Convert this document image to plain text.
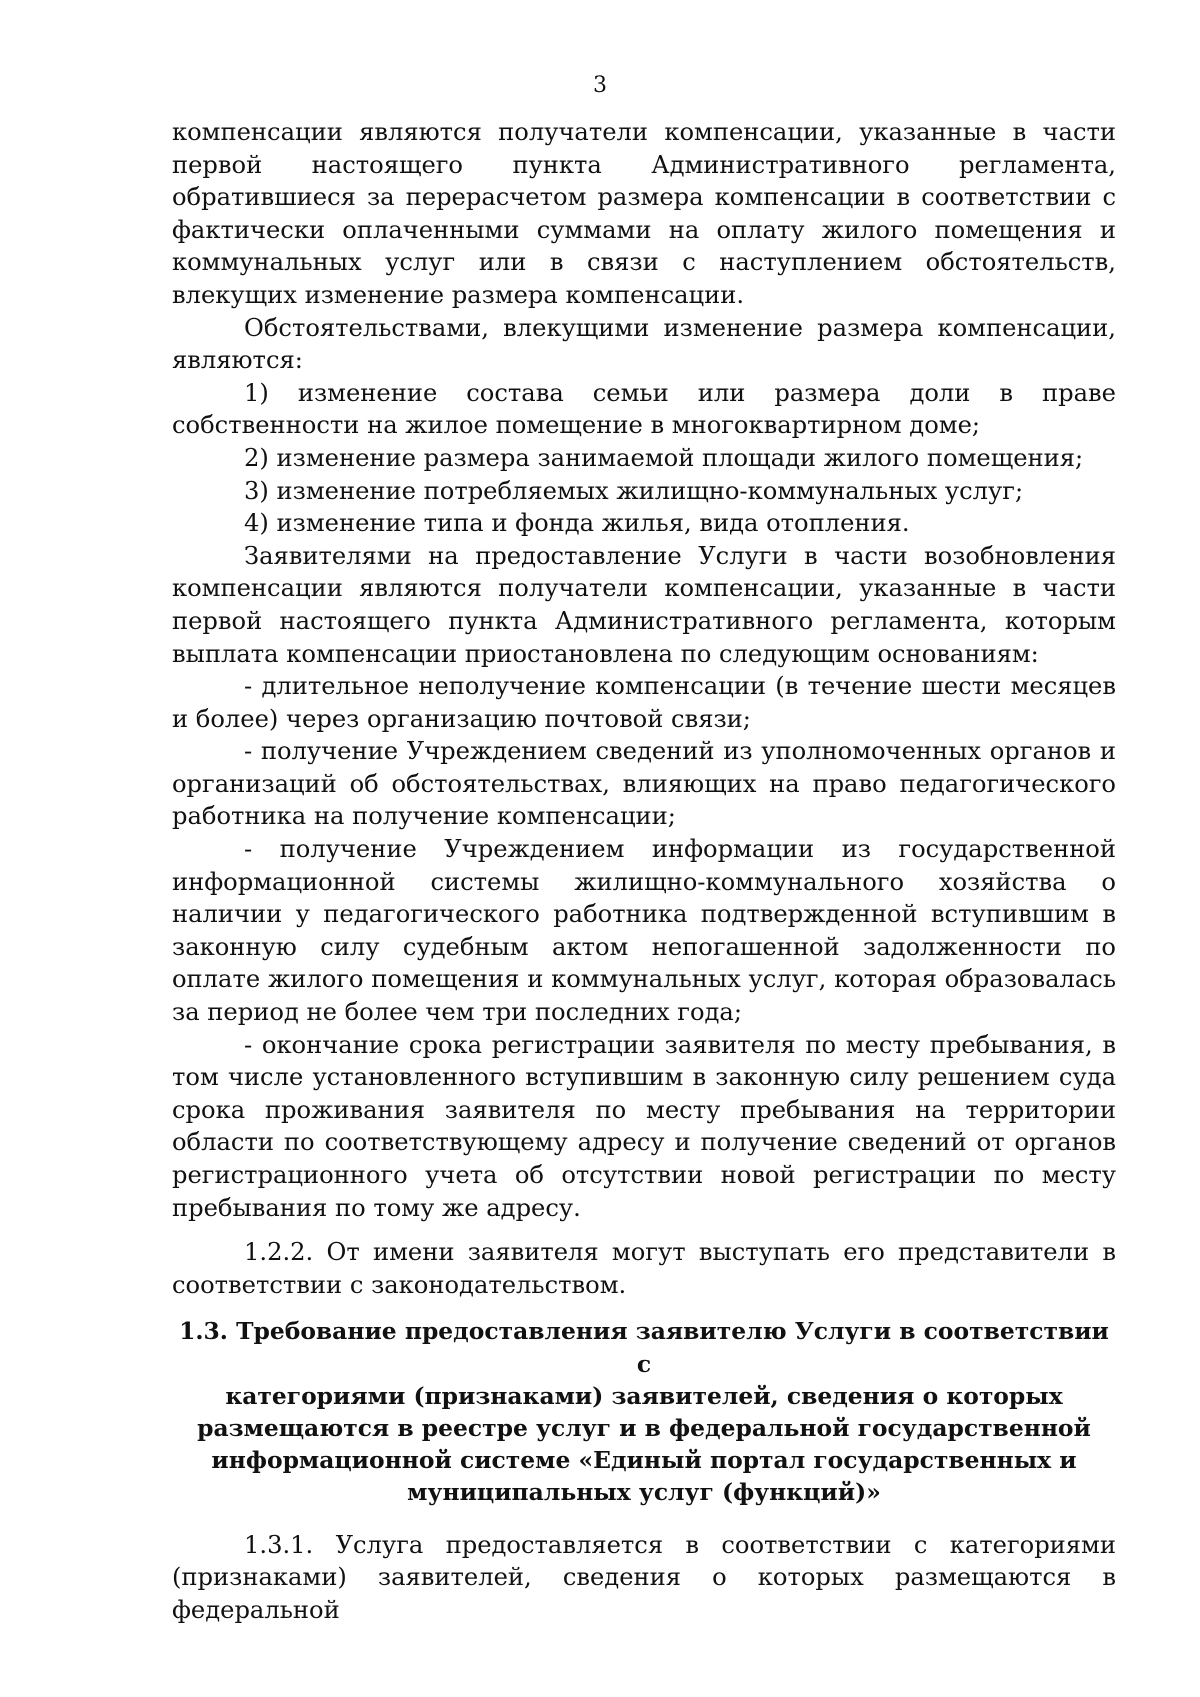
3

компенсации являются получатели компенсации, указанные в части первой настоящего пункта Административного регламента, обратившиеся за перерасчетом размера компенсации в соответствии с фактически оплаченными суммами на оплату жилого помещения и коммунальных услуг или в связи с наступлением обстоятельств, влекущих изменение размера компенсации.

Обстоятельствами, влекущими изменение размера компенсации, являются:

1) изменение состава семьи или размера доли в праве собственности на жилое помещение в многоквартирном доме;

2) изменение размера занимаемой площади жилого помещения;

3) изменение потребляемых жилищно-коммунальных услуг;

4) изменение типа и фонда жилья, вида отопления.

Заявителями на предоставление Услуги в части возобновления компенсации являются получатели компенсации, указанные в части первой настоящего пункта Административного регламента, которым выплата компенсации приостановлена по следующим основаниям:

- длительное неполучение компенсации (в течение шести месяцев и более) через организацию почтовой связи;

- получение Учреждением сведений из уполномоченных органов и организаций об обстоятельствах, влияющих на право педагогического работника на получение компенсации;

- получение Учреждением информации из государственной информационной системы жилищно-коммунального хозяйства о наличии у педагогического работника подтвержденной вступившим в законную силу судебным актом непогашенной задолженности по оплате жилого помещения и коммунальных услуг, которая образовалась за период не более чем три последних года;

- окончание срока регистрации заявителя по месту пребывания, в том числе установленного вступившим в законную силу решением суда срока проживания заявителя по месту пребывания на территории области по соответствующему адресу и получение сведений от органов регистрационного учета об отсутствии новой регистрации по месту пребывания по тому же адресу.

1.2.2. От имени заявителя могут выступать его представители в соответствии с законодательством.

1.3. Требование предоставления заявителю Услуги в соответствии с
категориями (признаками) заявителей, сведения о которых
размещаются в реестре услуг и в федеральной государственной
информационной системе «Единый портал государственных и
муниципальных услуг (функций)»

1.3.1. Услуга предоставляется в соответствии с категориями (признаками) заявителей, сведения о которых размещаются в федеральной
